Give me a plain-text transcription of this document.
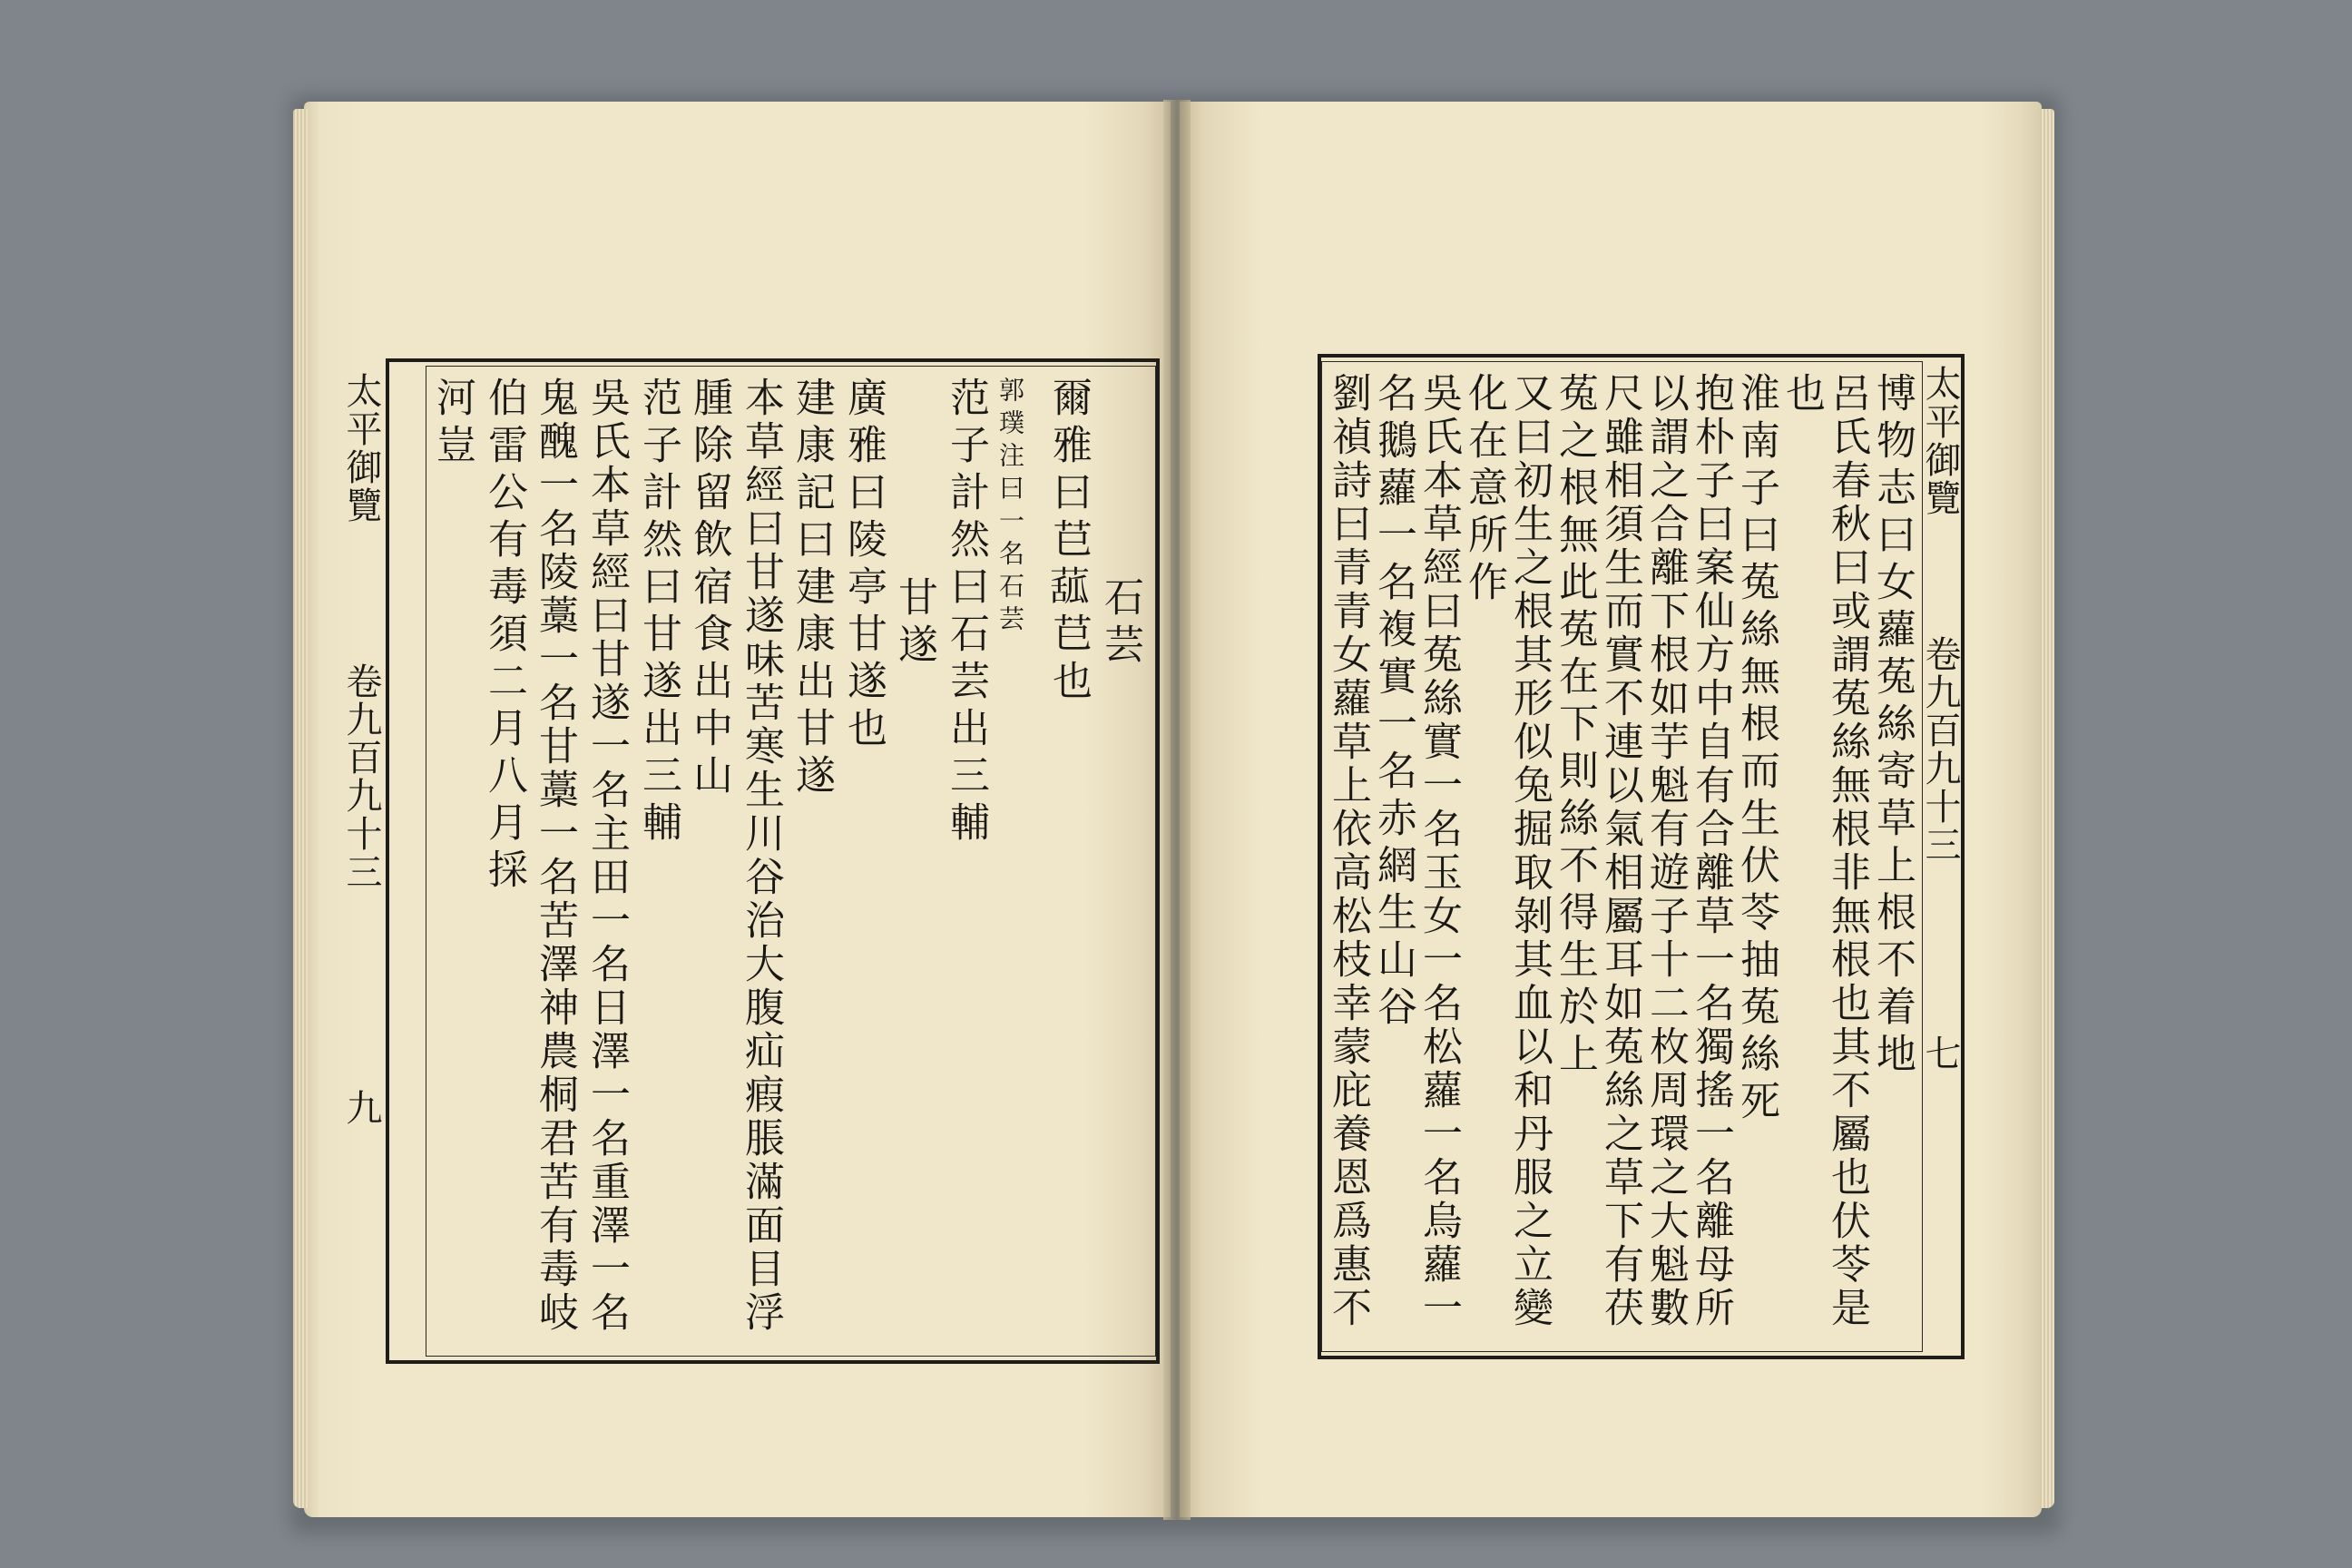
太平御覽
卷九百九十三
九
太平御覽
卷九百九十三
七
石芸
爾雅曰𦬊𦸈𦬊也
郭璞注曰一名石芸
范子計然曰石芸出三輔
甘遂
廣雅曰陵亭甘遂也
建康記曰建康出甘遂
本草經曰甘遂味苦寒生川谷治大腹疝瘕脹滿面目浮
腫除留飲宿食出中山
范子計然曰甘遂出三輔
吳氏本草經曰甘遂一名主田一名日澤一名重澤一名
鬼醜一名陵藁一名甘藁一名苦澤神農桐君苦有毒岐
伯雷公有毒須二月八月採
河豈	博物志曰女蘿菟絲寄草上根不着地
呂氏春秋曰或謂菟絲無根非無根也其不屬也伏苓是
也
淮南子曰菟絲無根而生伏苓抽菟絲死
抱朴子曰案仙方中自有合離草一名獨搖一名離母所
以謂之合離下根如芋魁有遊子十二枚周環之大魁數
尺雖相須生而實不連以氣相屬耳如菟絲之草下有茯
菟之根無此菟在下則絲不得生於上
又曰初生之根其形似兔掘取剝其血以和丹服之立變
化在意所作
吳氏本草經曰菟絲實一名玉女一名松蘿一名烏蘿一
名鵝蘿一名複實一名赤網生山谷
劉禎詩曰青青女蘿草上依高松枝幸蒙庇養恩爲惠不
